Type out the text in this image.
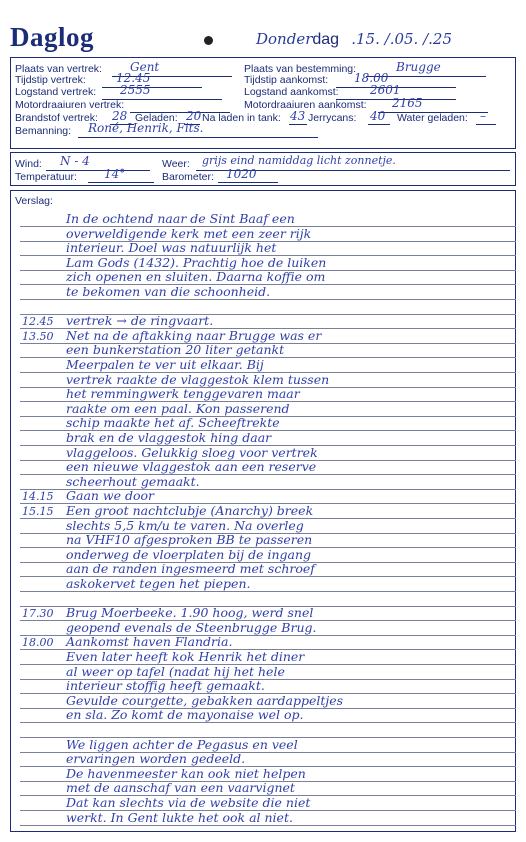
Daglog	Donderdag .15. /.05. /.25
Plaats van vertrek: Gent	Plaats van bestemming:	Brugge
Tijdstip vertrek:	12.45	Tijdstip aankomst: 18.00
Logstand vertrek: 2555	Logstand aankomst:	2601
Motordraaiuren vertrek:	Motordraaiuren aankomst: 2165
Brandstof vertrek: 28 Geladen: 20 Na laden in tank: 43 Jerrycans: 40 Water geladen: –
Bemanning: Roné, Henrik, Fits.
Wind: N - 4	Weer: grijs eind namiddag licht zonnetje.
Temperatuur: 14°	Barometer: 1020
Verslag:
In de ochtend naar de Sint Baaf een
overweldigende kerk met een zeer rijk
interieur. Doel was natuurlijk het
Lam Gods (1432). Prachtig hoe de luiken
zich openen en sluiten. Daarna koffie om
te bekomen van die schoonheid.
12.45 vertrek → de ringvaart.
13.50 Net na de aftakking naar Brugge was er
een bunkerstation 20 liter getankt
Meerpalen te ver uit elkaar. Bij
vertrek raakte de vlaggestok klem tussen
het remmingwerk tenggevaren maar
raakte om een paal. Kon passerend
schip maakte het af. Scheeftrekte
brak en de vlaggestok hing daar
vlaggeloos. Gelukkig sloeg voor vertrek
een nieuwe vlaggestok aan een reserve
scheerhout gemaakt.
14.15 Gaan we door
15.15 Een groot nachtclubje (Anarchy) breek
slechts 5,5 km/u te varen. Na overleg
na VHF10 afgesproken BB te passeren
onderweg de vloerplaten bij de ingang
aan de randen ingesmeerd met schroef
askokervet tegen het piepen.
17.30 Brug Moerbeeke. 1.90 hoog, werd snel
geopend evenals de Steenbrugge Brug.
18.00 Aankomst haven Flandria.
Even later heeft kok Henrik het diner
al weer op tafel (nadat hij het hele
interieur stoffig heeft gemaakt.
Gevulde courgette, gebakken aardappeltjes
en sla. Zo komt de mayonaise wel op.
We liggen achter de Pegasus en veel
ervaringen worden gedeeld.
De havenmeester kan ook niet helpen
met de aanschaf van een vaarvignet
Dat kan slechts via de website die niet
werkt. In Gent lukte het ook al niet.
